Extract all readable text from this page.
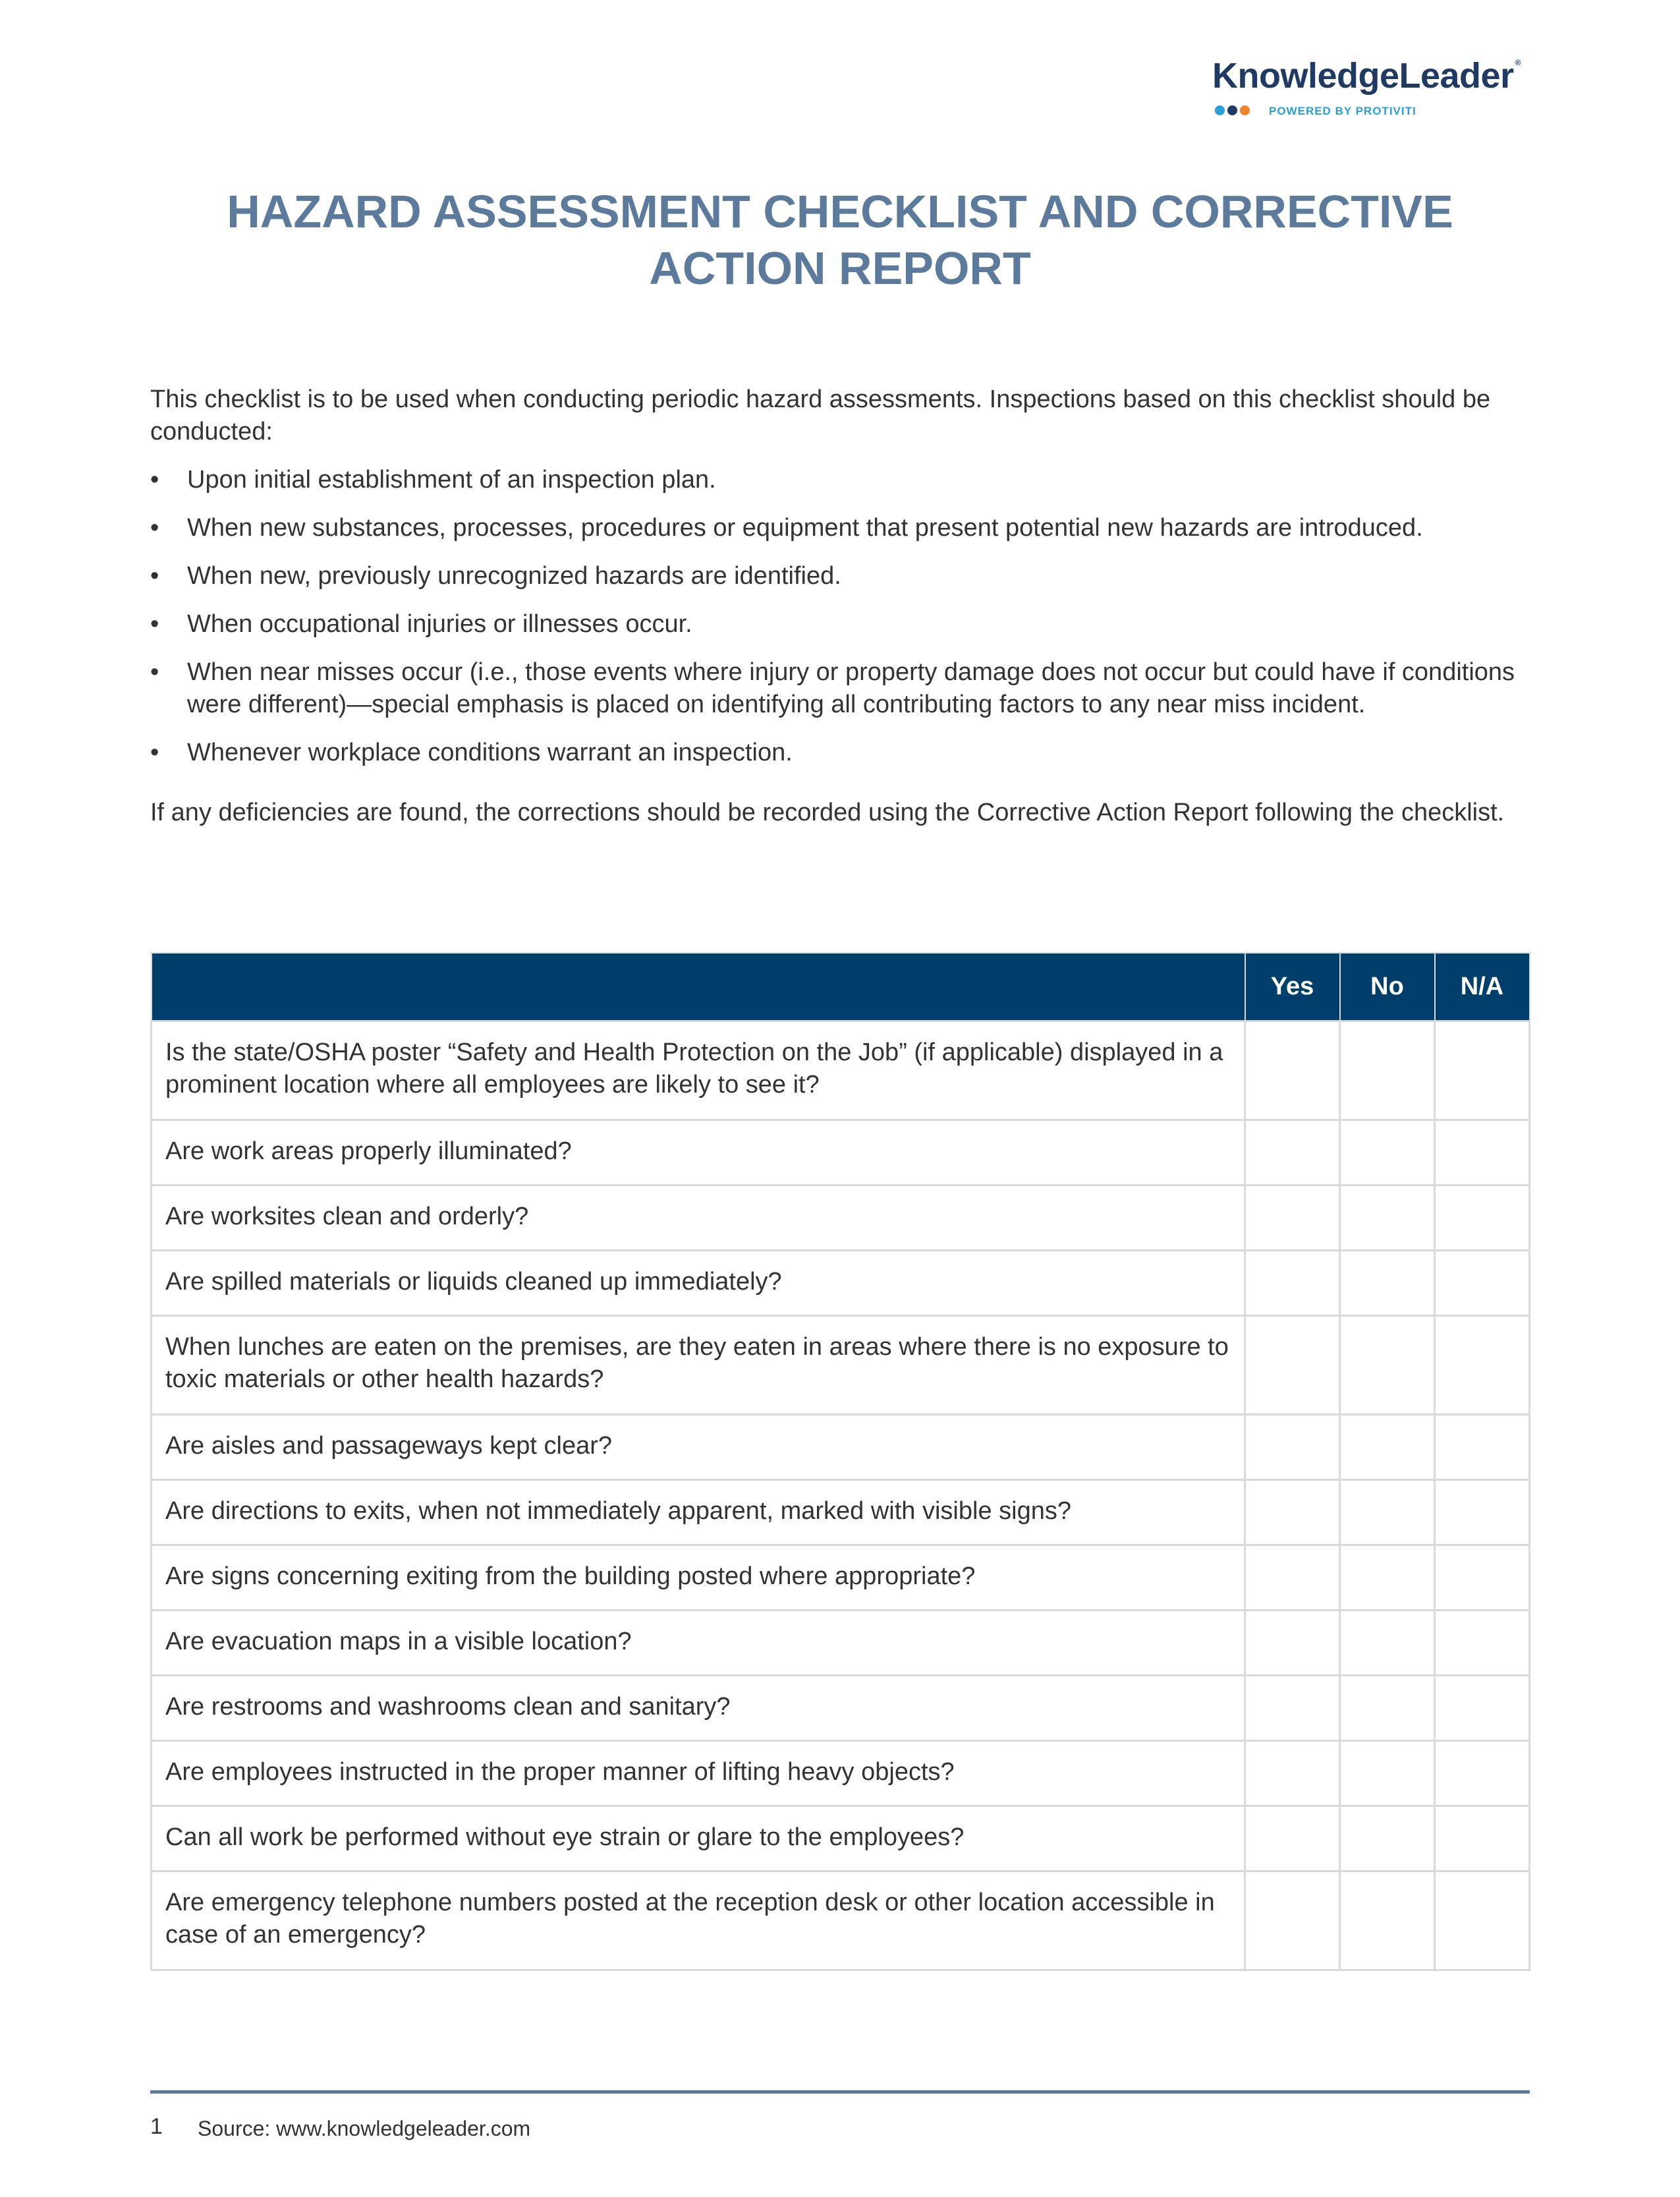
KnowledgeLeader ®
POWERED BY PROTIVITI
HAZARD ASSESSMENT CHECKLIST AND CORRECTIVE
ACTION REPORT

This checklist is to be used when conducting periodic hazard assessments. Inspections based on this checklist should be conducted:

• Upon initial establishment of an inspection plan.
• When new substances, processes, procedures or equipment that present potential new hazards are introduced.
• When new, previously unrecognized hazards are identified.
• When occupational injuries or illnesses occur.
• When near misses occur (i.e., those events where injury or property damage does not occur but could have if conditions were different)—special emphasis is placed on identifying all contributing factors to any near miss incident.
• Whenever workplace conditions warrant an inspection.

If any deficiencies are found, the corrections should be recorded using the Corrective Action Report following the checklist.

	Yes	No	N/A
Is the state/OSHA poster “Safety and Health Protection on the Job” (if applicable) displayed in a prominent location where all employees are likely to see it?			
Are work areas properly illuminated?			
Are worksites clean and orderly?			
Are spilled materials or liquids cleaned up immediately?			
When lunches are eaten on the premises, are they eaten in areas where there is no exposure to toxic materials or other health hazards?			
Are aisles and passageways kept clear?			
Are directions to exits, when not immediately apparent, marked with visible signs?			
Are signs concerning exiting from the building posted where appropriate?			
Are evacuation maps in a visible location?			
Are restrooms and washrooms clean and sanitary?			
Are employees instructed in the proper manner of lifting heavy objects?			
Can all work be performed without eye strain or glare to the employees?			
Are emergency telephone numbers posted at the reception desk or other location accessible in case of an emergency?			
1 Source: www.knowledgeleader.com
